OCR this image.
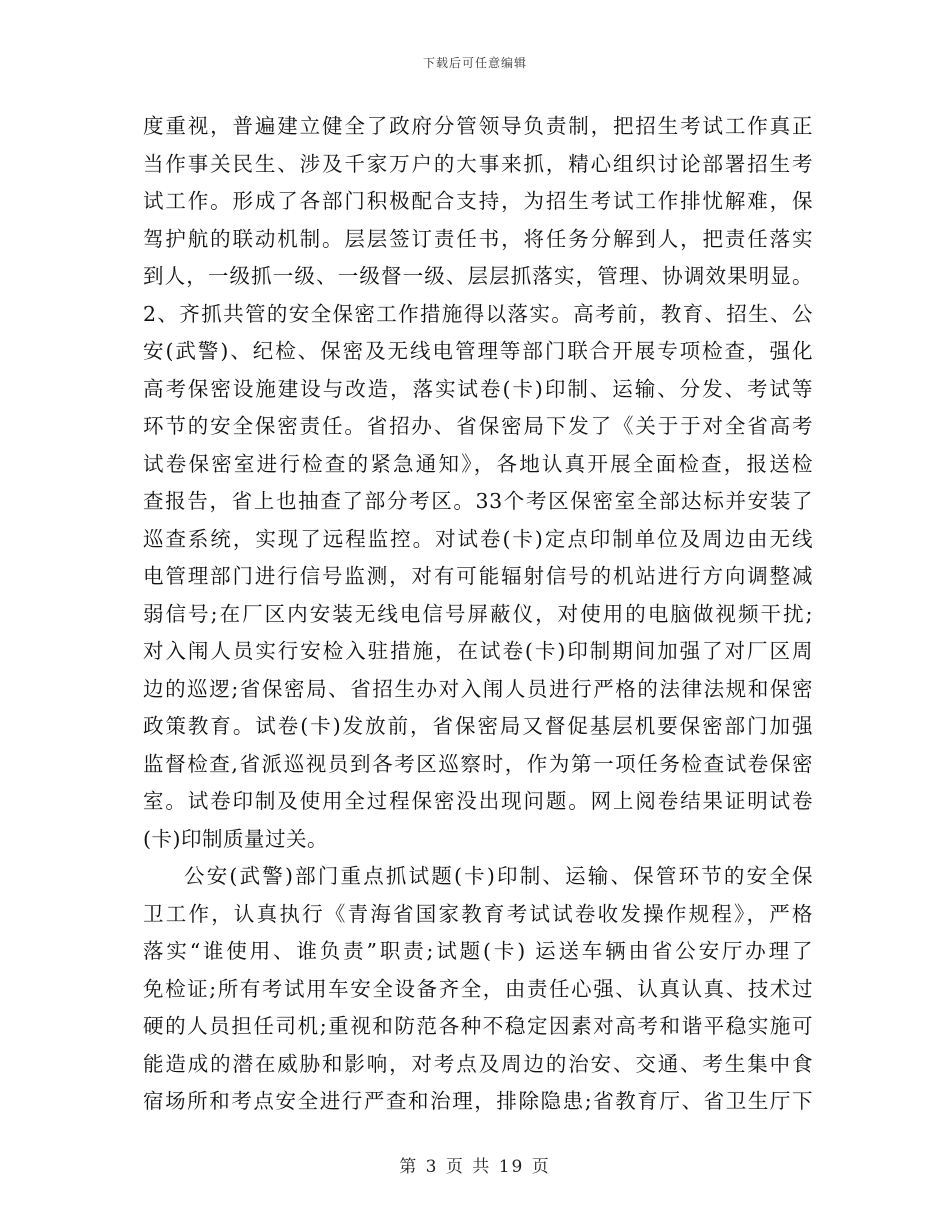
下载后可任意编辑
度重视，普遍建立健全了政府分管领导负责制，把招生考试工作真正
当作事关民生、涉及千家万户的大事来抓，精心组织讨论部署招生考
试工作。形成了各部门积极配合支持，为招生考试工作排忧解难，保
驾护航的联动机制。层层签订责任书，将任务分解到人，把责任落实
到人，一级抓一级、一级督一级、层层抓落实，管理、协调效果明显。
2、齐抓共管的安全保密工作措施得以落实。高考前，教育、招生、公
安(武警)、纪检、保密及无线电管理等部门联合开展专项检查，强化
高考保密设施建设与改造，落实试卷(卡)印制、运输、分发、考试等
环节的安全保密责任。省招办、省保密局下发了《关于于对全省高考
试卷保密室进行检查的紧急通知》，各地认真开展全面检查，报送检
查报告，省上也抽查了部分考区。33个考区保密室全部达标并安装了
巡查系统，实现了远程监控。对试卷(卡)定点印制单位及周边由无线
电管理部门进行信号监测，对有可能辐射信号的机站进行方向调整减
弱信号;在厂区内安装无线电信号屏蔽仪，对使用的电脑做视频干扰;
对入闱人员实行安检入驻措施，在试卷(卡)印制期间加强了对厂区周
边的巡逻;省保密局、省招生办对入闱人员进行严格的法律法规和保密
政策教育。试卷(卡)发放前，省保密局又督促基层机要保密部门加强
监督检查,省派巡视员到各考区巡察时，作为第一项任务检查试卷保密
室。试卷印制及使用全过程保密没出现问题。网上阅卷结果证明试卷
(卡)印制质量过关。
公安(武警)部门重点抓试题(卡)印制、运输、保管环节的安全保
卫工作，认真执行《青海省国家教育考试试卷收发操作规程》，严格
落实“谁使用、谁负责”职责;试题(卡) 运送车辆由省公安厅办理了
免检证;所有考试用车安全设备齐全，由责任心强、认真认真、技术过
硬的人员担任司机;重视和防范各种不稳定因素对高考和谐平稳实施可
能造成的潜在威胁和影响，对考点及周边的治安、交通、考生集中食
宿场所和考点安全进行严查和治理，排除隐患;省教育厅、省卫生厅下
第 3 页 共 19 页
